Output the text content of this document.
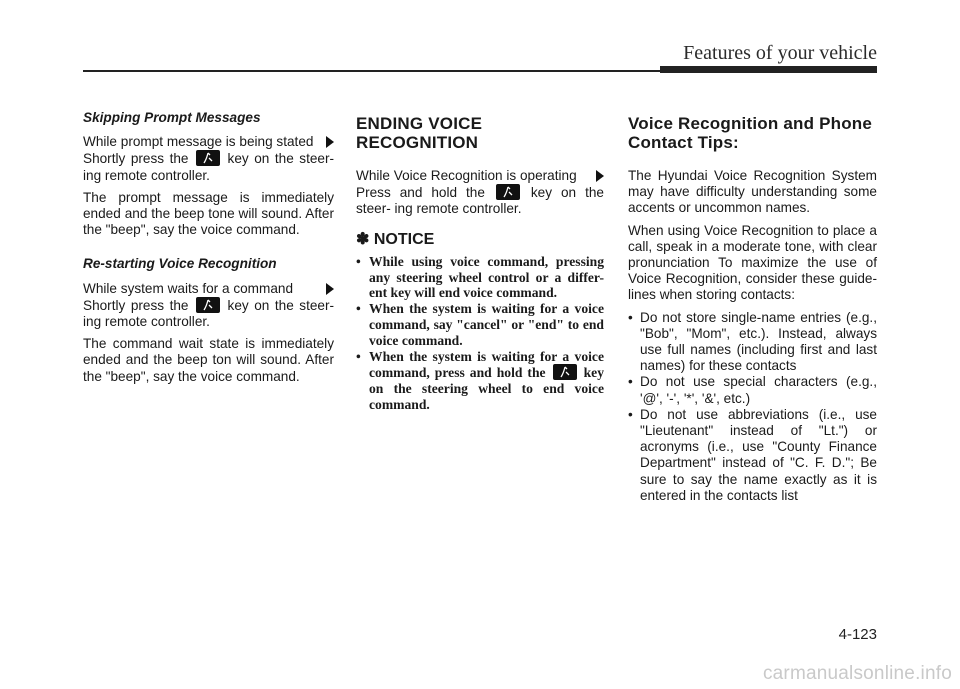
Features of your vehicle
Skipping Prompt Messages
While prompt message is being stated

Shortly press the	key on the steer- ing remote controller.

The prompt message is immediately ended and the beep tone will sound. After the "beep", say the voice command.

Re-starting Voice Recognition
While system waits for a command

Shortly press the	key on the steer- ing remote controller.

The command wait state is immediately ended and the beep ton will sound. After the "beep", say the voice command.

ENDING VOICE RECOGNITION
While Voice Recognition is operating

Press and hold the	key on the steer- ing remote controller.

✽ NOTICE
• While using voice command, pressing any steering wheel control or a differ- ent key will end voice command.
• When the system is waiting for a voice command, say "cancel" or "end" to end voice command.
• When the system is waiting for a voice command, press and hold the	key on the steering wheel to end voice command.
Voice Recognition and Phone Contact Tips:

The Hyundai Voice Recognition System may have difficulty understanding some accents or uncommon names.

When using Voice Recognition to place a call, speak in a moderate tone, with clear pronunciation To maximize the use of Voice Recognition, consider these guide- lines when storing contacts:

• Do not store single-name entries (e.g., "Bob", "Mom", etc.). Instead, always use full names (including first and last names) for these contacts
• Do not use special characters (e.g., '@', '-', '*', '&', etc.)
• Do not use abbreviations (i.e., use "Lieutenant" instead of "Lt.") or acronyms (i.e., use "County Finance Department" instead of "C. F. D."; Be sure to say the name exactly as it is entered in the contacts list
4-123
carmanualsonline.info
